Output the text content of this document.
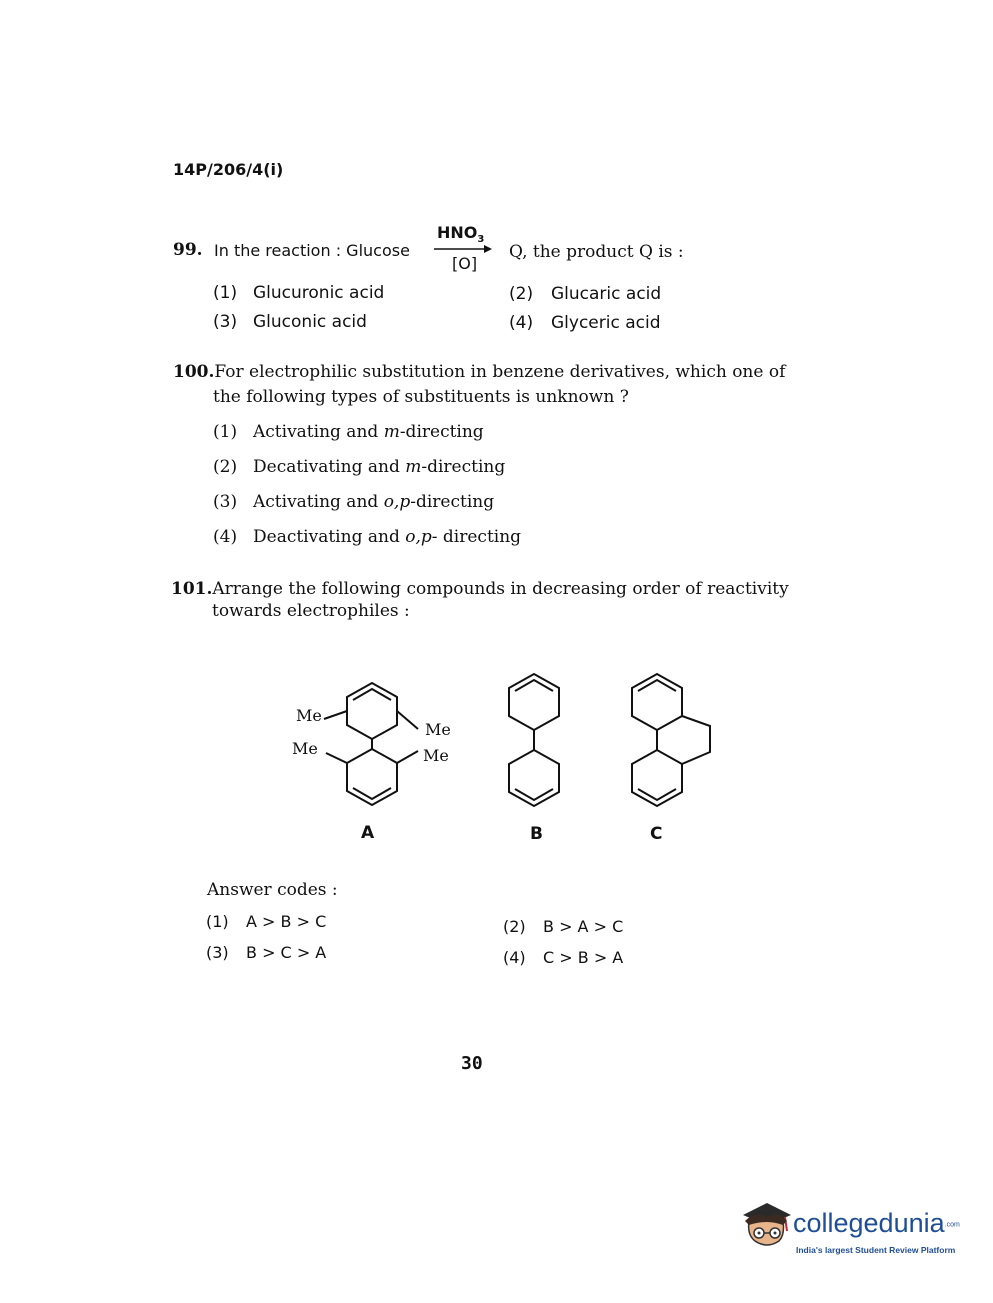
14P/206/4(i)
99. In the reaction : Glucose
$HNO_3$
[O]
Q, the product Q is :
(1) Glucuronic acid	(2) Glucaric acid
(3) Gluconic acid	(4) Glyceric acid
100.For electrophilic substitution in benzene derivatives, which one of
the following types of substituents is unknown ?
(1) Activating and m-directing
(2) Decativating and m-directing
(3) Activating and o,p-directing
(4) Deactivating and o,p- directing
101.Arrange the following compounds in decreasing order of reactivity
towards electrophiles :
Me
Me
Me	Me
A	B	C
Answer codes :
(1) A > B > C	(2) B > A > C
(3) B > C > A	(4) C > B > A
30
collegedunia.com
India's largest Student Review Platform
